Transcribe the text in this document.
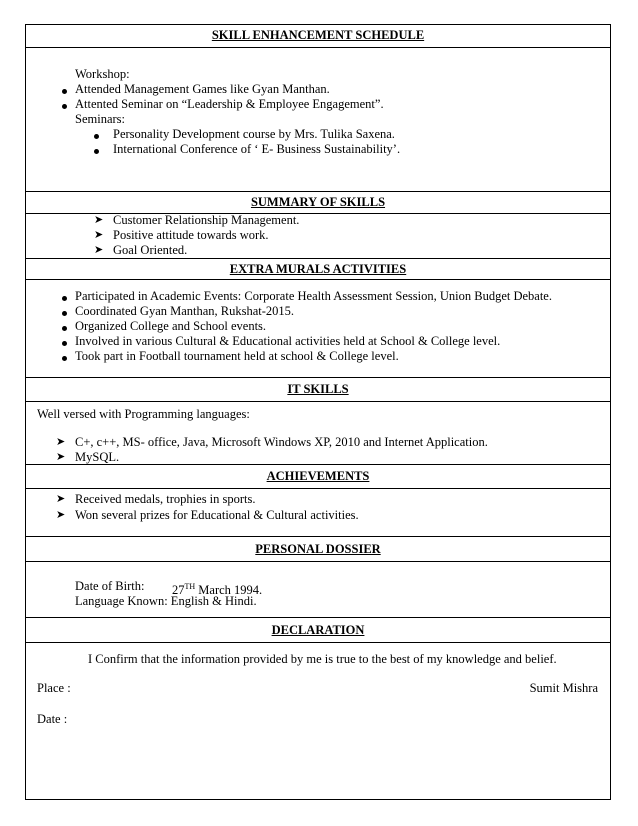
SKILL ENHANCEMENT SCHEDULE
Workshop:
Attended Management Games like Gyan Manthan.
Attented Seminar on “Leadership & Employee Engagement”.
Seminars:
Personality Development course by Mrs. Tulika Saxena.
International Conference of ‘ E- Business Sustainability’.
SUMMARY OF SKILLS
➤ Customer Relationship Management.
➤ Positive attitude towards work.
➤ Goal Oriented.
EXTRA MURALS ACTIVITIES
Participated in Academic Events: Corporate Health Assessment Session, Union Budget Debate.
Coordinated Gyan Manthan, Rukshat-2015.
Organized College and School events.
Involved in various Cultural & Educational activities held at School & College level.
Took part in Football tournament held at school & College level.
IT SKILLS
Well versed with Programming languages:
➤ C+, c++, MS- office, Java, Microsoft Windows XP, 2010 and Internet Application.
➤ MySQL.
ACHIEVEMENTS
➤ Received medals, trophies in sports.
➤ Won several prizes for Educational & Cultural activities.
PERSONAL DOSSIER
Date of Birth: 27TH March 1994.
Language Known: English & Hindi.
DECLARATION
I Confirm that the information provided by me is true to the best of my knowledge and belief.
Place :	Sumit Mishra
Date :
